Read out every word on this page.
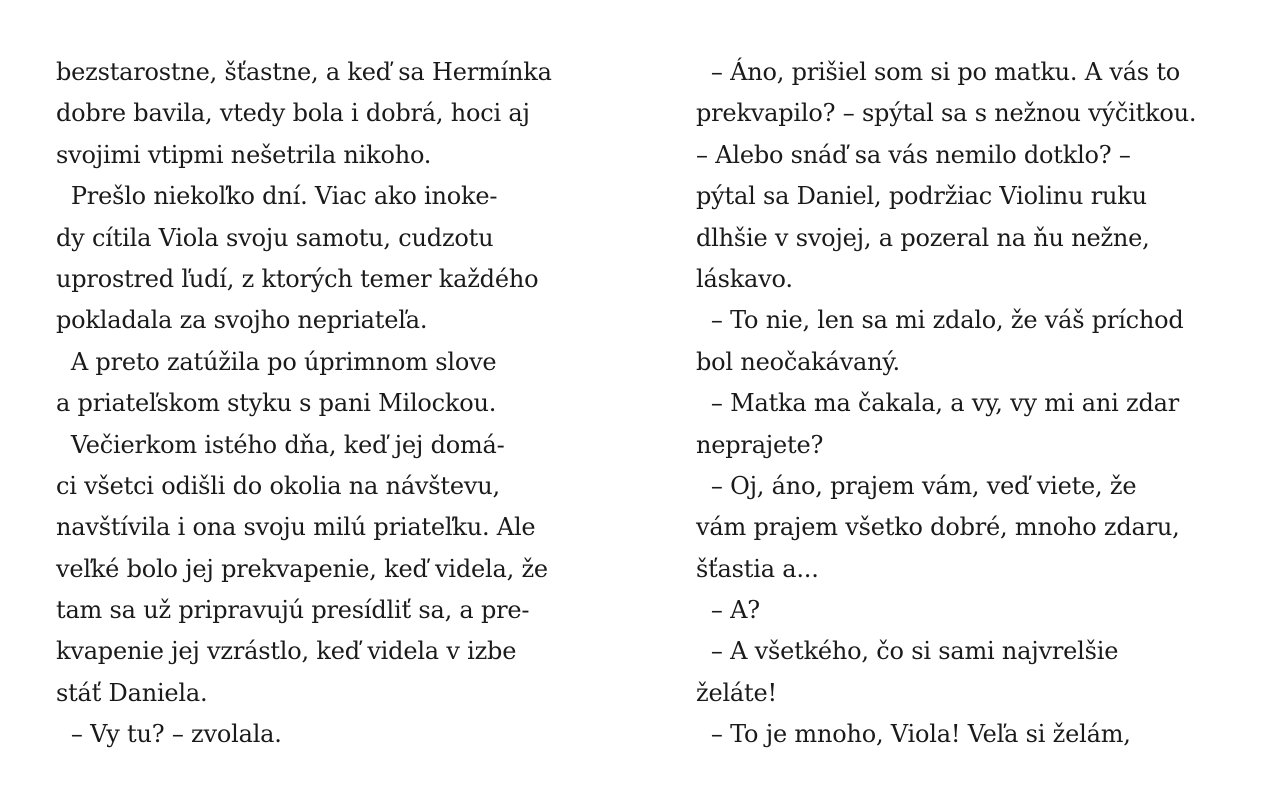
bezstarostne, šťastne, a keď sa Hermínka
dobre bavila, vtedy bola i dobrá, hoci aj
svojimi vtipmi nešetrila nikoho.
Prešlo niekoľko dní. Viac ako inoke-
dy cítila Viola svoju samotu, cudzotu
uprostred ľudí, z ktorých temer každého
pokladala za svojho nepriateľa.
A preto zatúžila po úprimnom slove
a priateľskom styku s pani Milockou.
Večierkom istého dňa, keď jej domá-
ci všetci odišli do okolia na návštevu,
navštívila i ona svoju milú priateľku. Ale
veľké bolo jej prekvapenie, keď videla, že
tam sa už pripravujú presídliť sa, a pre-
kvapenie jej vzrástlo, keď videla v izbe
stáť Daniela.
– Vy tu? – zvolala.
– Áno, prišiel som si po matku. A vás to
prekvapilo? – spýtal sa s nežnou výčitkou.
– Alebo snáď sa vás nemilo dotklo? –
pýtal sa Daniel, podržiac Violinu ruku
dlhšie v svojej, a pozeral na ňu nežne,
láskavo.
– To nie, len sa mi zdalo, že váš príchod
bol neočakávaný.
– Matka ma čakala, a vy, vy mi ani zdar
neprajete?
– Oj, áno, prajem vám, veď viete, že
vám prajem všetko dobré, mnoho zdaru,
šťastia a...
– A?
– A všetkého, čo si sami najvrelšie
želáte!
– To je mnoho, Viola! Veľa si želám,
